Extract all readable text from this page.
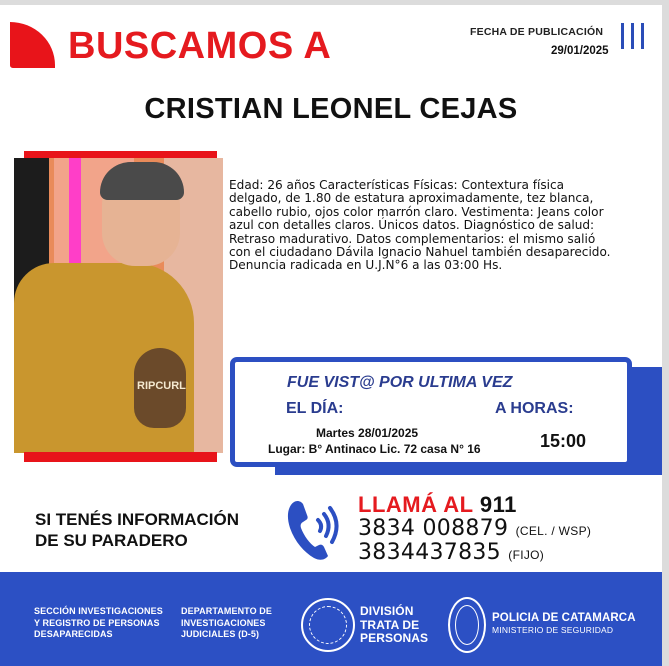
BUSCAMOS A	FECHA DE PUBLICACIÓN
29/01/2025
CRISTIAN LEONEL CEJAS
RIPCURL
Edad: 26 años Características Físicas: Contextura física delgado, de 1.80 de estatura aproximadamente, tez blanca, cabello rubio, ojos color marrón claro. Vestimenta: Jeans color azul con detalles claros. Únicos datos. Diagnóstico de salud: Retraso madurativo. Datos complementarios: el mismo salió con el ciudadano Dávila Ignacio Nahuel también desaparecido. Denuncia radicada en U.J.N°6 a las 03:00 Hs.
FUE VIST@ POR ULTIMA VEZ
EL DÍA:	A HORAS:
Martes 28/01/2025
Lugar: B° Antinaco Lic. 72 casa N° 16	15:00
SI TENÉS INFORMACIÓN
DE SU PARADERO
LLAMÁ AL 911
3834 008879 (CEL. / WSP)
3834437835 (FIJO)
SECCIÓN INVESTIGACIONES
Y REGISTRO DE PERSONAS
DESAPARECIDAS
DEPARTAMENTO DE
INVESTIGACIONES
JUDICIALES (D-5)
DIVISIÓN
TRATA DE
PERSONAS
POLICIA DE CATAMARCA
MINISTERIO DE SEGURIDAD
